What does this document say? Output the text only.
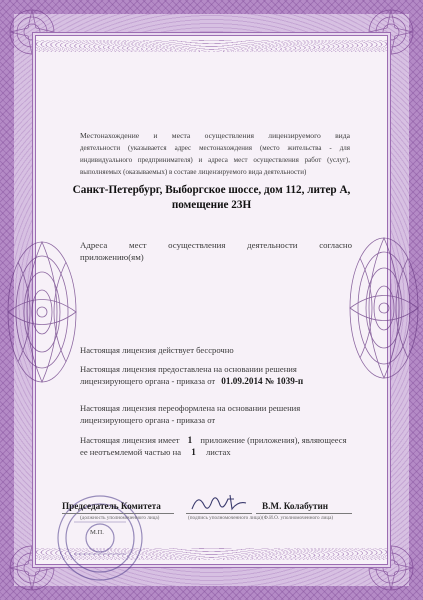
Местонахождение и места осуществления лицензируемого вида
деятельности (указывается адрес местонахождения (место жительства - для
индивидуального предпринимателя) и адреса мест осуществления работ (услуг),
выполняемых (оказываемых) в составе лицензируемого вида деятельности)
Санкт-Петербург, Выборгское шоссе, дом 112, литер А,
помещение 23Н
Адреса мест осуществления деятельности согласно
приложению(ям)
Настоящая лицензия действует бессрочно
Настоящая лицензия предоставлена на основании решения
лицензирующего органа - приказа от 01.09.2014 № 1039-п
Настоящая лицензия переоформлена на основании решения
лицензирующего органа - приказа от
Настоящая лицензия имеет 1 приложение (приложения), являющееся
ее неотъемлемой частью на 1 листах
Председатель Комитета
(должность уполномоченного лица)	(подпись уполномоченного лица)
В.М. Колабутин
(Ф.И.О. уполномоченного лица)
М.П.
